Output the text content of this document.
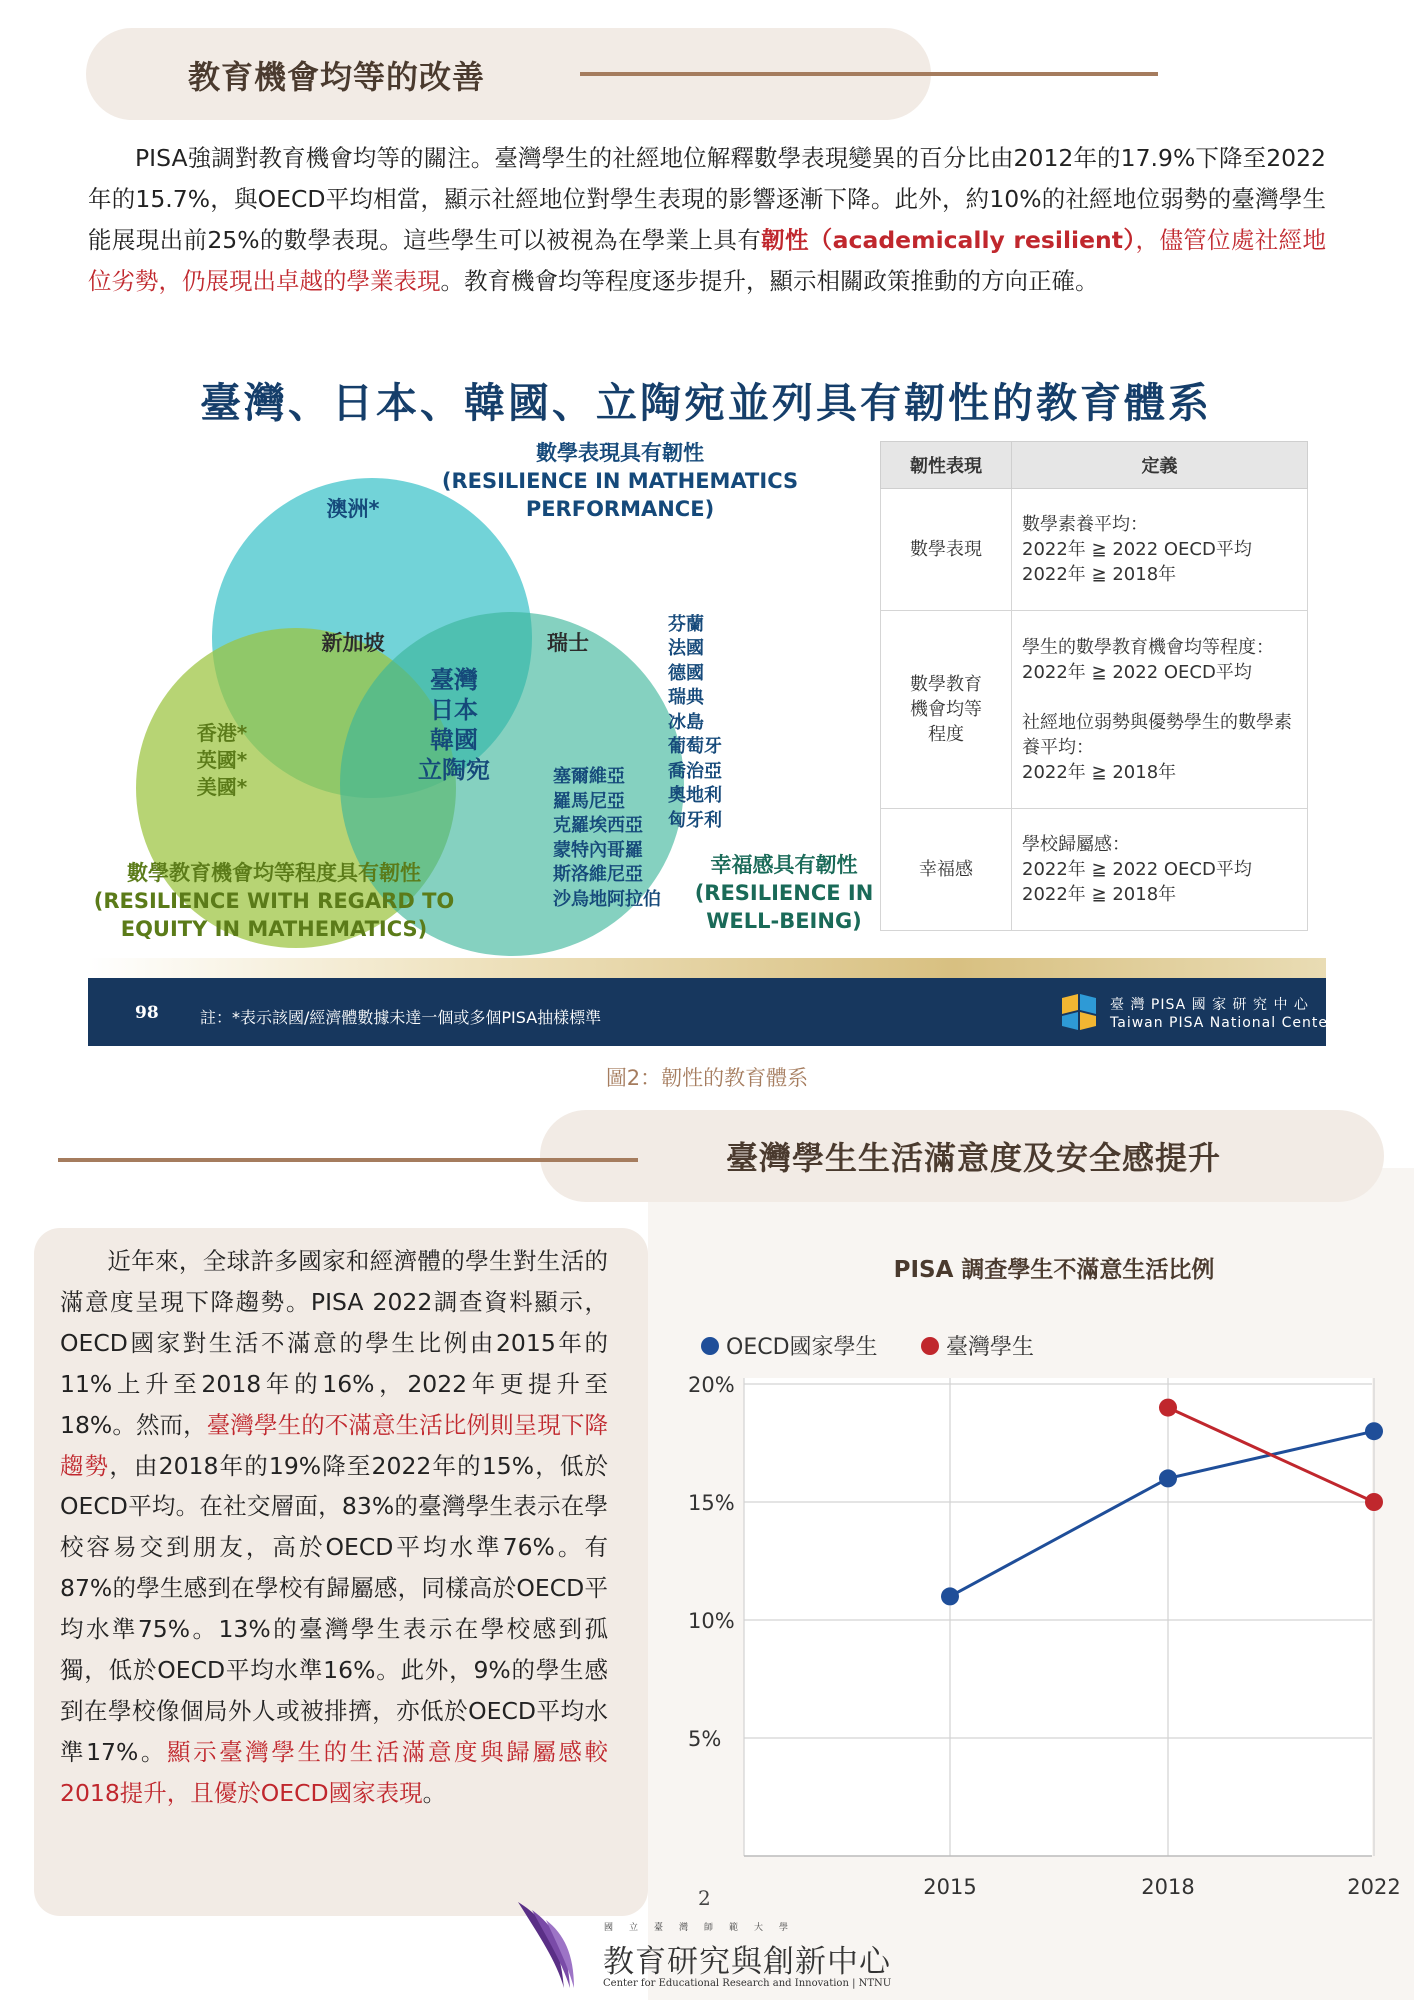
教育機會均等的改善
  PISA強調對教育機會均等的關注。臺灣學生的社經地位解釋數學表現變異的百分比由2012年的17.9%下降至2022年的15.7%，與OECD平均相當，顯示社經地位對學生表現的影響逐漸下降。此外，約10%的社經地位弱勢的臺灣學生能展現出前25%的數學表現。這些學生可以被視為在學業上具有韌性（academically resilient），儘管位處社經地位劣勢，仍展現出卓越的學業表現。教育機會均等程度逐步提升，顯示相關政策推動的方向正確。
臺灣、日本、韓國、立陶宛並列具有韌性的教育體系
數學表現具有韌性
(RESILIENCE IN MATHEMATICS
PERFORMANCE)
數學教育機會均等程度具有韌性
(RESILIENCE WITH REGARD TO
EQUITY IN MATHEMATICS)
幸福感具有韌性
(RESILIENCE IN
WELL-BEING)
澳洲*
新加坡	瑞士
臺灣
日本
韓國
立陶宛
香港*
英國*
美國*
芬蘭
法國
德國
瑞典
冰島
葡萄牙
喬治亞
奧地利
匈牙利
塞爾維亞
羅馬尼亞
克羅埃西亞
蒙特內哥羅
斯洛維尼亞
沙烏地阿拉伯
韌性表現	定義
數學表現	數學素養平均：
2022年 ≧ 2022 OECD平均
2022年 ≧ 2018年
數學教育
機會均等
程度	學生的數學教育機會均等程度：
2022年 ≧ 2022 OECD平均

社經地位弱勢與優勢學生的數學素養平均：
2022年 ≧ 2018年
幸福感	學校歸屬感：
2022年 ≧ 2022 OECD平均
2022年 ≧ 2018年
98	註：*表示該國/經濟體數據未達一個或多個PISA抽樣標準
臺 灣 PISA 國 家 研 究 中 心
Taiwan PISA National Center
圖2：韌性的教育體系
臺灣學生生活滿意度及安全感提升
  近年來，全球許多國家和經濟體的學生對生活的滿意度呈現下降趨勢。PISA 2022調查資料顯示，OECD國家對生活不滿意的學生比例由2015年的11%上升至2018年的16%，2022年更提升至18%。然而，臺灣學生的不滿意生活比例則呈現下降趨勢，由2018年的19%降至2022年的15%，低於OECD平均。在社交層面，83%的臺灣學生表示在學校容易交到朋友，高於OECD平均水準76%。有87%的學生感到在學校有歸屬感，同樣高於OECD平均水準75%。13%的臺灣學生表示在學校感到孤獨，低於OECD平均水準16%。此外，9%的學生感到在學校像個局外人或被排擠，亦低於OECD平均水準17%。顯示臺灣學生的生活滿意度與歸屬感較2018提升，且優於OECD國家表現。
PISA 調查學生不滿意生活比例
OECD國家學生	臺灣學生
20%
15%
10%
5%
2015	2018	2022
2
國立臺灣師範大學
教育研究與創新中心
Center for Educational Research and Innovation | NTNU
